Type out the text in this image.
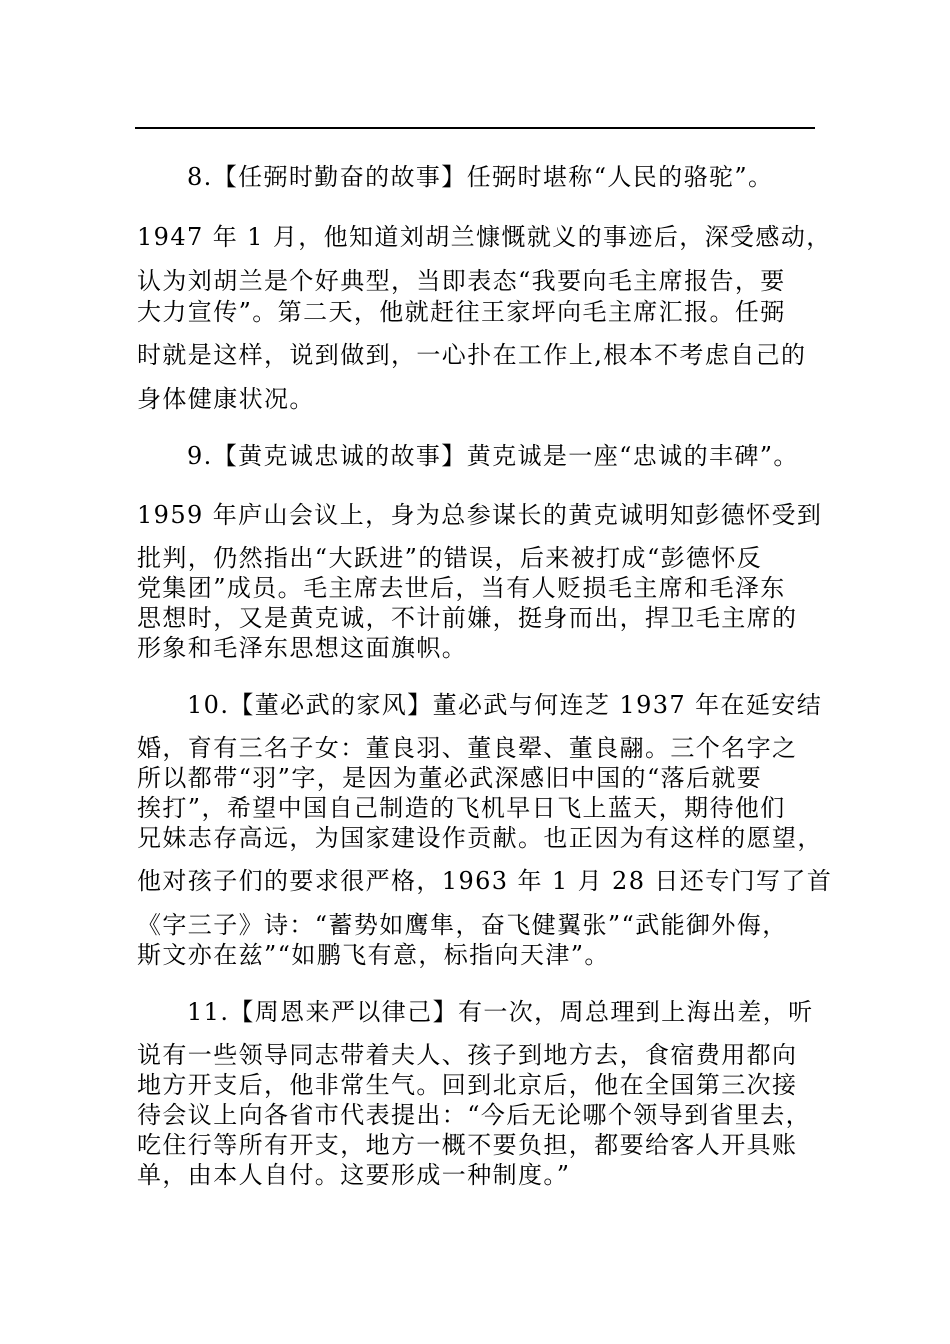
8.【任弼时勤奋的故事】任弼时堪称“人民的骆驼”。
1947 年 1 月，他知道刘胡兰慷慨就义的事迹后，深受感动，
认为刘胡兰是个好典型，当即表态“我要向毛主席报告，要
大力宣传”。第二天，他就赶往王家坪向毛主席汇报。任弼
时就是这样，说到做到，一心扑在工作上,根本不考虑自己的
身体健康状况。
9.【黄克诚忠诚的故事】黄克诚是一座“忠诚的丰碑”。
1959 年庐山会议上，身为总参谋长的黄克诚明知彭德怀受到
批判，仍然指出“大跃进”的错误，后来被打成“彭德怀反
党集团”成员。毛主席去世后，当有人贬损毛主席和毛泽东
思想时，又是黄克诚，不计前嫌，挺身而出，捍卫毛主席的
形象和毛泽东思想这面旗帜。
10.【董必武的家风】董必武与何连芝 1937 年在延安结
婚，育有三名子女：董良羽、董良翚、董良翮。三个名字之
所以都带“羽”字，是因为董必武深感旧中国的“落后就要
挨打”，希望中国自己制造的飞机早日飞上蓝天，期待他们
兄妹志存高远，为国家建设作贡献。也正因为有这样的愿望，
他对孩子们的要求很严格，1963 年 1 月 28 日还专门写了首
《字三子》诗：“蓄势如鹰隼，奋飞健翼张”“武能御外侮，
斯文亦在兹”“如鹏飞有意，标指向天津”。
11.【周恩来严以律己】有一次，周总理到上海出差，听
说有一些领导同志带着夫人、孩子到地方去，食宿费用都向
地方开支后，他非常生气。回到北京后，他在全国第三次接
待会议上向各省市代表提出：“今后无论哪个领导到省里去，
吃住行等所有开支，地方一概不要负担，都要给客人开具账
单，由本人自付。这要形成一种制度。”
